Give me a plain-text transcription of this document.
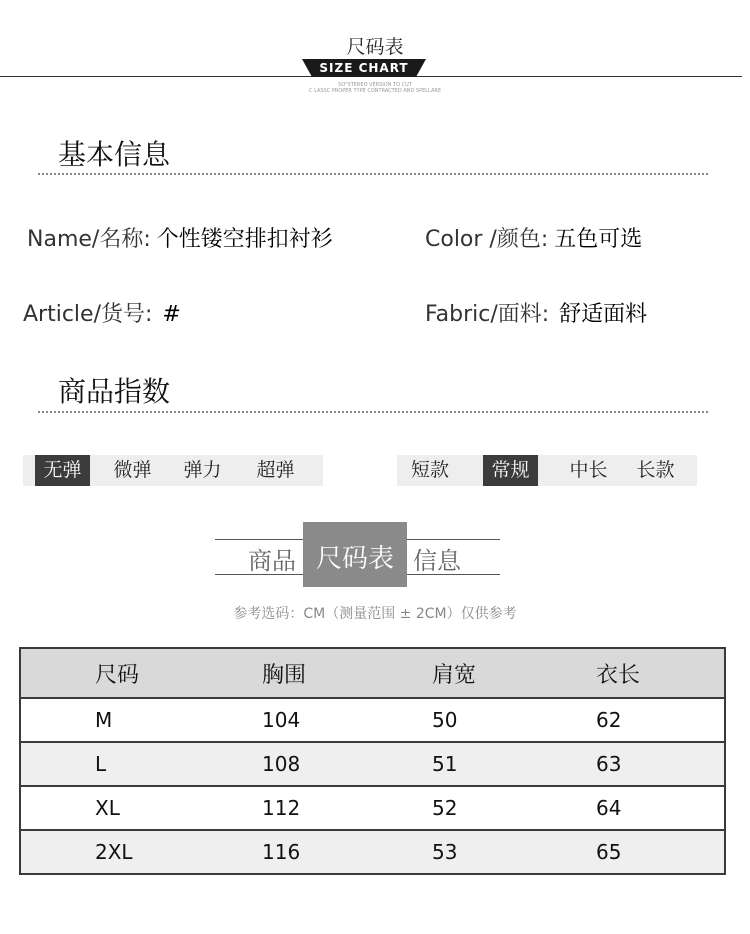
尺码表
SIZE CHART
SO"STEREO VERSION TO CUT
C LASSC PROPER TYPE CONTRACTED AND SPELLARE
基本信息
Name/名称: 个性镂空排扣衬衫	Color /颜色: 五色可选
Article/货号: #	Fabric/面料: 舒适面料
商品指数
无弹	微弹	弹力	超弹	短款	常规	中长	长款
商品 尺码表 信息
参考选码：CM（测量范围 ± 2CM）仅供参考
尺码	胸围	肩宽	衣长
M	104	50	62
L	108	51	63
XL	112	52	64
2XL	116	53	65
